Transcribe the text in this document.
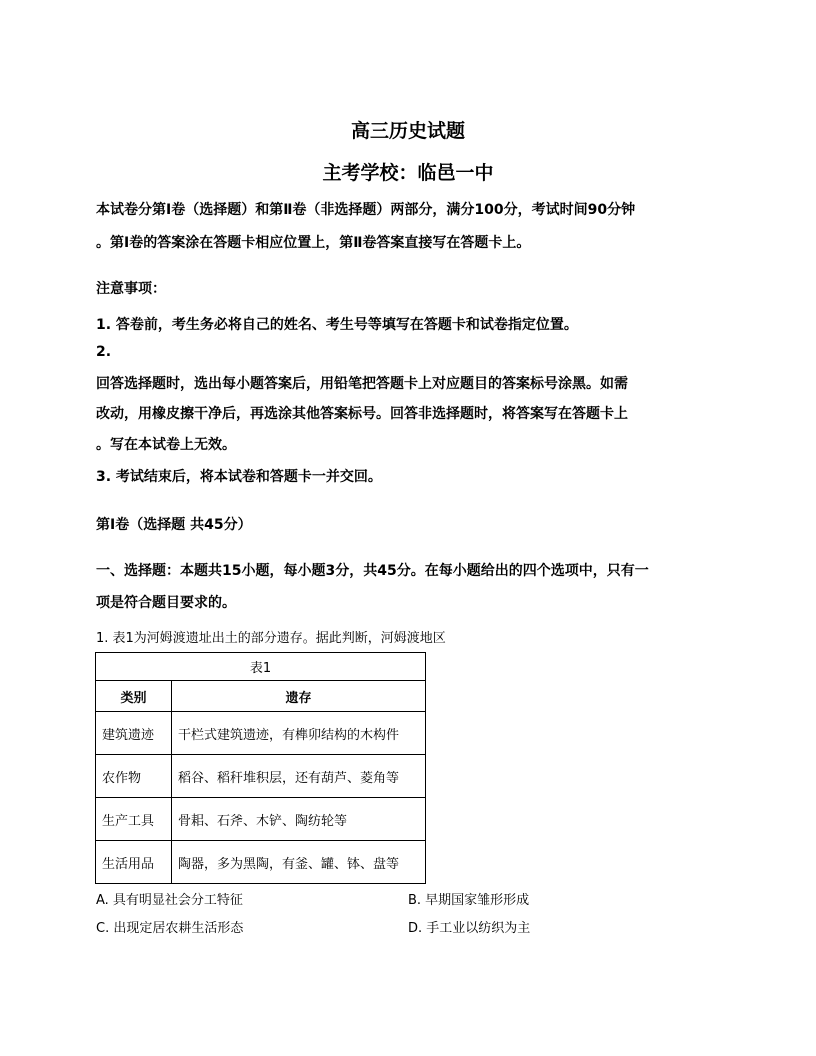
高三历史试题
主考学校：临邑一中
本试卷分第Ⅰ卷（选择题）和第Ⅱ卷（非选择题）两部分，满分100分，考试时间90分钟
。第Ⅰ卷的答案涂在答题卡相应位置上，第Ⅱ卷答案直接写在答题卡上。
注意事项：
1. 答卷前，考生务必将自己的姓名、考生号等填写在答题卡和试卷指定位置。
2.
回答选择题时，选出每小题答案后，用铅笔把答题卡上对应题目的答案标号涂黑。如需
改动，用橡皮擦干净后，再选涂其他答案标号。回答非选择题时，将答案写在答题卡上
。写在本试卷上无效。
3. 考试结束后，将本试卷和答题卡一并交回。
第Ⅰ卷（选择题 共45分）
一、选择题：本题共15小题，每小题3分，共45分。在每小题给出的四个选项中，只有一
项是符合题目要求的。
1. 表1为河姆渡遗址出土的部分遗存。据此判断，河姆渡地区
表1	
类别	遗存
建筑遗迹	干栏式建筑遗迹，有榫卯结构的木构件
农作物	稻谷、稻秆堆积层，还有葫芦、菱角等
生产工具	骨耜、石斧、木铲、陶纺轮等
生活用品	陶器，多为黑陶，有釜、罐、钵、盘等
A. 具有明显社会分工特征	B. 早期国家雏形形成
C. 出现定居农耕生活形态	D. 手工业以纺织为主
